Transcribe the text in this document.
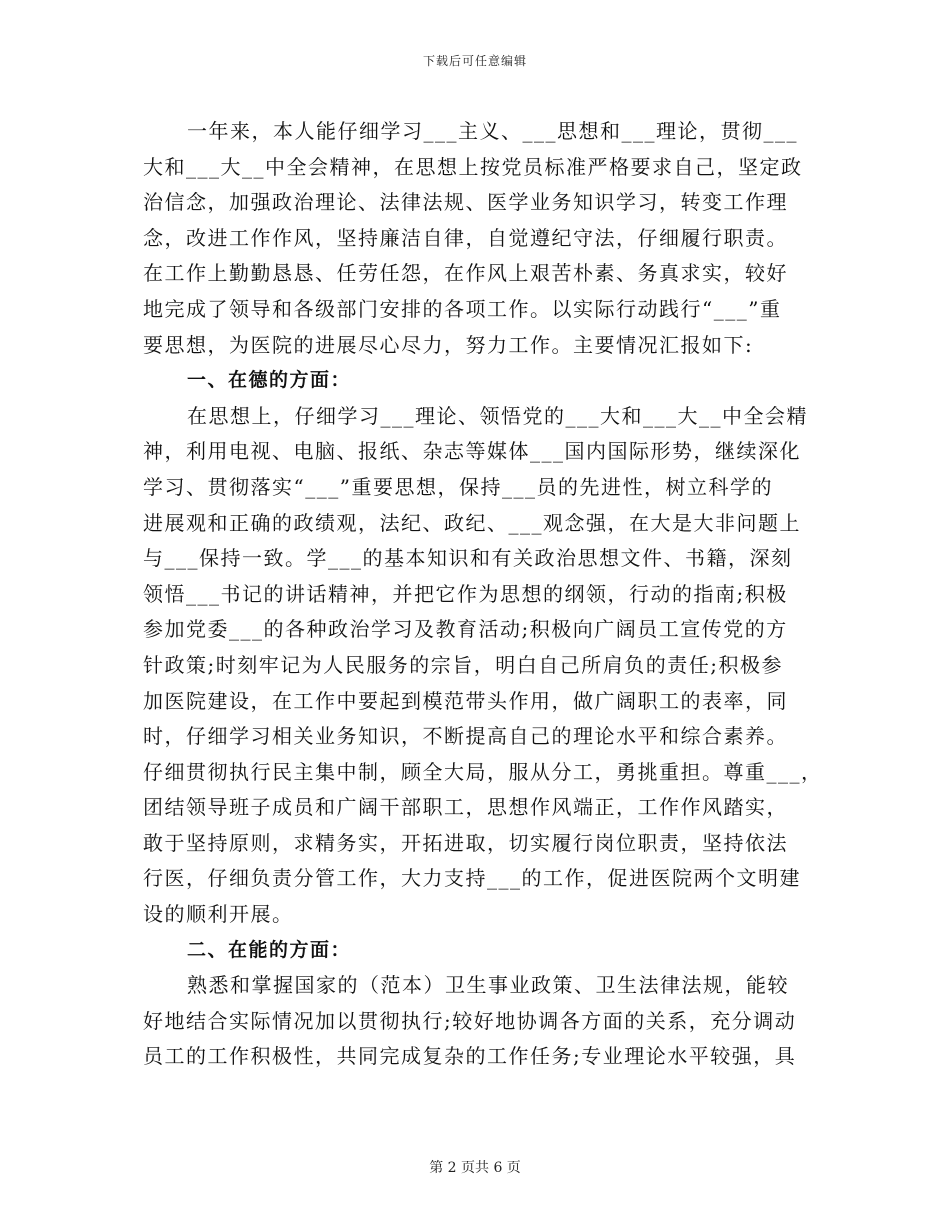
下载后可任意编辑
一年来，本人能仔细学习___主义、___思想和___理论，贯彻___
大和___大__中全会精神，在思想上按党员标准严格要求自己，坚定政
治信念，加强政治理论、法律法规、医学业务知识学习，转变工作理
念，改进工作作风，坚持廉洁自律，自觉遵纪守法，仔细履行职责。
在工作上勤勤恳恳、任劳任怨，在作风上艰苦朴素、务真求实，较好
地完成了领导和各级部门安排的各项工作。以实际行动践行“___”重
要思想，为医院的进展尽心尽力，努力工作。主要情况汇报如下:
一、在德的方面：
在思想上，仔细学习___理论、领悟党的___大和___大__中全会精
神，利用电视、电脑、报纸、杂志等媒体___国内国际形势，继续深化
学习、贯彻落实“___”重要思想，保持___员的先进性，树立科学的
进展观和正确的政绩观，法纪、政纪、___观念强，在大是大非问题上
与___保持一致。学___的基本知识和有关政治思想文件、书籍，深刻
领悟___书记的讲话精神，并把它作为思想的纲领，行动的指南;积极
参加党委___的各种政治学习及教育活动;积极向广阔员工宣传党的方
针政策;时刻牢记为人民服务的宗旨，明白自己所肩负的责任;积极参
加医院建设，在工作中要起到模范带头作用，做广阔职工的表率，同
时，仔细学习相关业务知识，不断提高自己的理论水平和综合素养。
仔细贯彻执行民主集中制，顾全大局，服从分工，勇挑重担。尊重___，
团结领导班子成员和广阔干部职工，思想作风端正，工作作风踏实，
敢于坚持原则，求精务实，开拓进取，切实履行岗位职责，坚持依法
行医，仔细负责分管工作，大力支持___的工作，促进医院两个文明建
设的顺利开展。
二、在能的方面：
熟悉和掌握国家的（范本）卫生事业政策、卫生法律法规，能较
好地结合实际情况加以贯彻执行;较好地协调各方面的关系，充分调动
员工的工作积极性，共同完成复杂的工作任务;专业理论水平较强，具
第 2 页共 6 页
